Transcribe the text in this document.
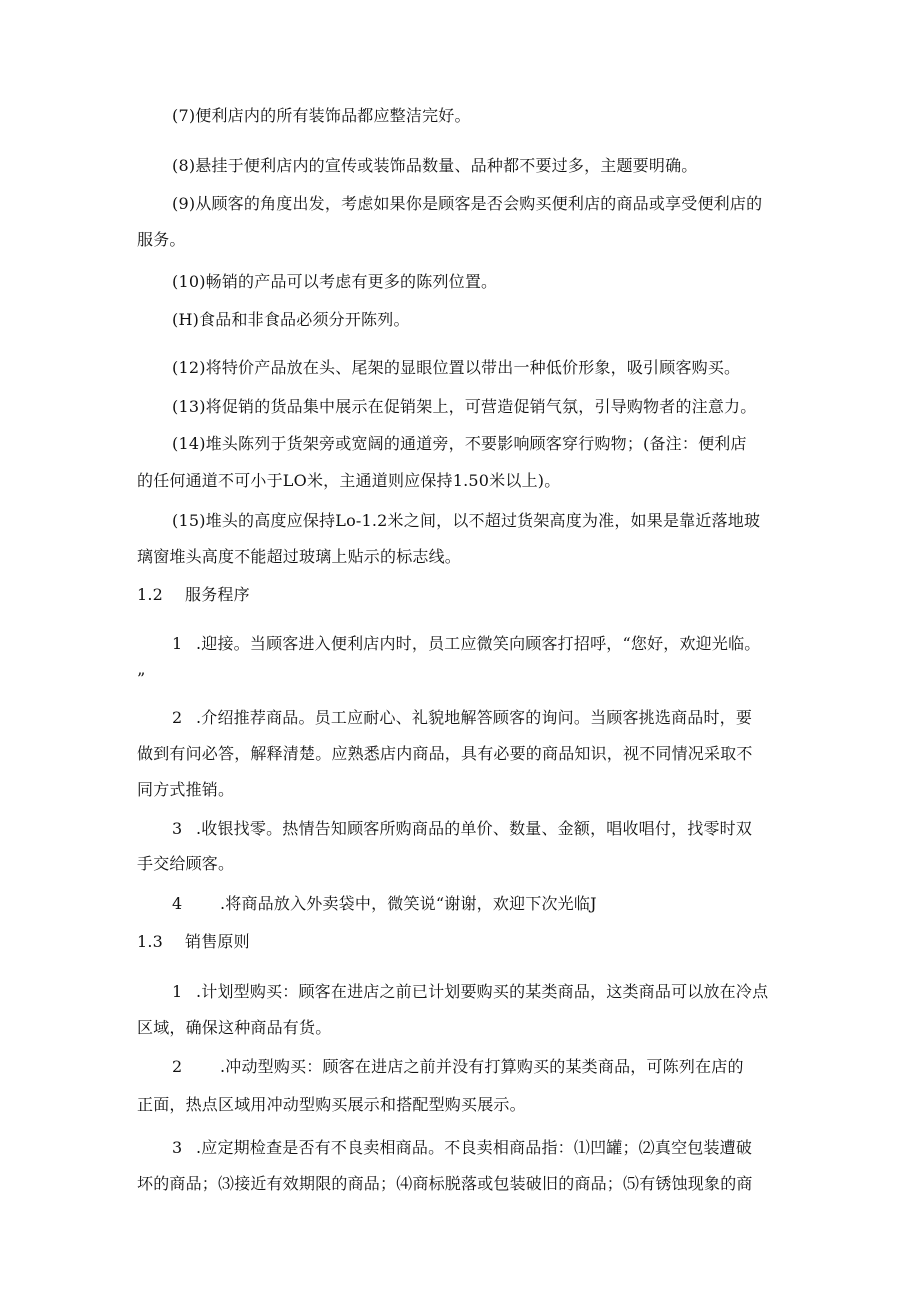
(7)便利店内的所有装饰品都应整洁完好。
(8)悬挂于便利店内的宣传或装饰品数量、品种都不要过多，主题要明确。
(9)从顾客的角度出发，考虑如果你是顾客是否会购买便利店的商品或享受便利店的
服务。
(10)畅销的产品可以考虑有更多的陈列位置。
(H)食品和非食品必须分开陈列。
(12)将特价产品放在头、尾架的显眼位置以带出一种低价形象，吸引顾客购买。
(13)将促销的货品集中展示在促销架上，可营造促销气氛，引导购物者的注意力。
(14)堆头陈列于货架旁或宽阔的通道旁，不要影响顾客穿行购物；(备注：便利店
的任何通道不可小于LO米，主通道则应保持1.50米以上)。
(15)堆头的高度应保持Lo-1.2米之间，以不超过货架高度为准，如果是靠近落地玻
璃窗堆头高度不能超过玻璃上贴示的标志线。
1.2 服务程序
1 .迎接。当顾客进入便利店内时，员工应微笑向顾客打招呼，“您好，欢迎光临。
”
2 .介绍推荐商品。员工应耐心、礼貌地解答顾客的询问。当顾客挑选商品时，要
做到有问必答，解释清楚。应熟悉店内商品，具有必要的商品知识，视不同情况采取不
同方式推销。
3 .收银找零。热情告知顾客所购商品的单价、数量、金额，唱收唱付，找零时双
手交给顾客。
4 .将商品放入外卖袋中，微笑说“谢谢，欢迎下次光临J
1.3 销售原则
1 .计划型购买：顾客在进店之前已计划要购买的某类商品，这类商品可以放在冷点
区域，确保这种商品有货。
2 .冲动型购买：顾客在进店之前并没有打算购买的某类商品，可陈列在店的
正面，热点区域用冲动型购买展示和搭配型购买展示。
3 .应定期检查是否有不良卖相商品。不良卖相商品指：⑴凹罐；⑵真空包装遭破
坏的商品；⑶接近有效期限的商品；⑷商标脱落或包装破旧的商品；⑸有锈蚀现象的商
